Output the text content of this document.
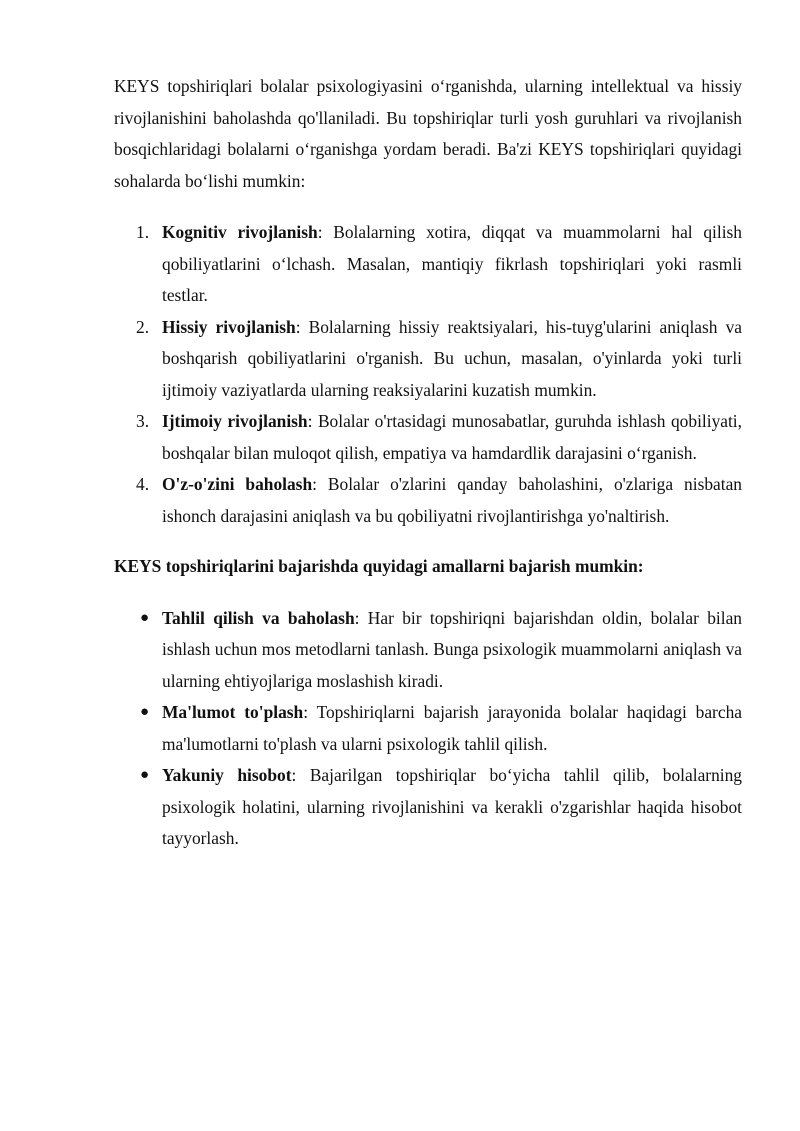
KEYS topshiriqlari bolalar psixologiyasini o‘rganishda, ularning intellektual va hissiy rivojlanishini baholashda qo'llaniladi. Bu topshiriqlar turli yosh guruhlari va rivojlanish bosqichlaridagi bolalarni o‘rganishga yordam beradi. Ba'zi KEYS topshiriqlari quyidagi sohalarda bo‘lishi mumkin:

1. Kognitiv rivojlanish: Bolalarning xotira, diqqat va muammolarni hal qilish qobiliyatlarini o‘lchash. Masalan, mantiqiy fikrlash topshiriqlari yoki rasmli testlar.
2. Hissiy rivojlanish: Bolalarning hissiy reaktsiyalari, his-tuyg'ularini aniqlash va boshqarish qobiliyatlarini o'rganish. Bu uchun, masalan, o'yinlarda yoki turli ijtimoiy vaziyatlarda ularning reaksiyalarini kuzatish mumkin.
3. Ijtimoiy rivojlanish: Bolalar o'rtasidagi munosabatlar, guruhda ishlash qobiliyati, boshqalar bilan muloqot qilish, empatiya va hamdardlik darajasini o‘rganish.
4. O'z-o'zini baholash: Bolalar o'zlarini qanday baholashini, o'zlariga nisbatan ishonch darajasini aniqlash va bu qobiliyatni rivojlantirishga yo'naltirish.

KEYS topshiriqlarini bajarishda quyidagi amallarni bajarish mumkin:

● Tahlil qilish va baholash: Har bir topshiriqni bajarishdan oldin, bolalar bilan ishlash uchun mos metodlarni tanlash. Bunga psixologik muammolarni aniqlash va ularning ehtiyojlariga moslashish kiradi.
● Ma'lumot to'plash: Topshiriqlarni bajarish jarayonida bolalar haqidagi barcha ma'lumotlarni to'plash va ularni psixologik tahlil qilish.
● Yakuniy hisobot: Bajarilgan topshiriqlar bo‘yicha tahlil qilib, bolalarning psixologik holatini, ularning rivojlanishini va kerakli o'zgarishlar haqida hisobot tayyorlash.
